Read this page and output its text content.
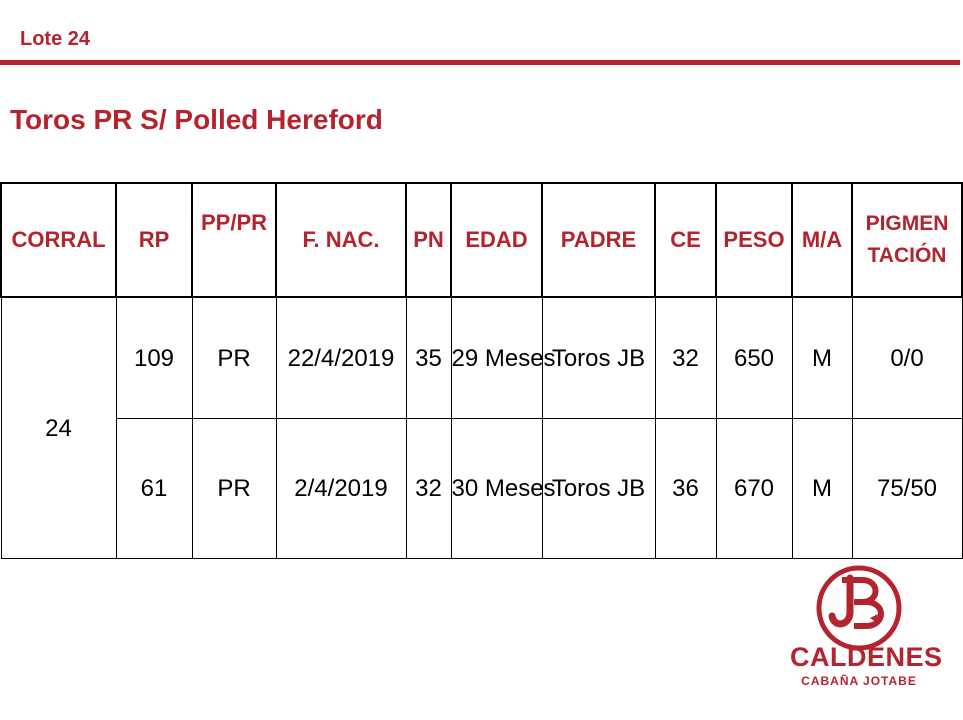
Lote 24
Toros PR S/ Polled Hereford
CORRAL	RP	PP/PR	F. NAC.	PN	EDAD	PADRE	CE	PESO	M/A	PIGMEN TACIÓN
24	109	PR	22/4/2019	35	29 Meses	Toros JB	32	650	M	0/0
	61	PR	2/4/2019	32	30 Meses	Toros JB	36	670	M	75/50
CALDENES
CABAÑA JOTABE
